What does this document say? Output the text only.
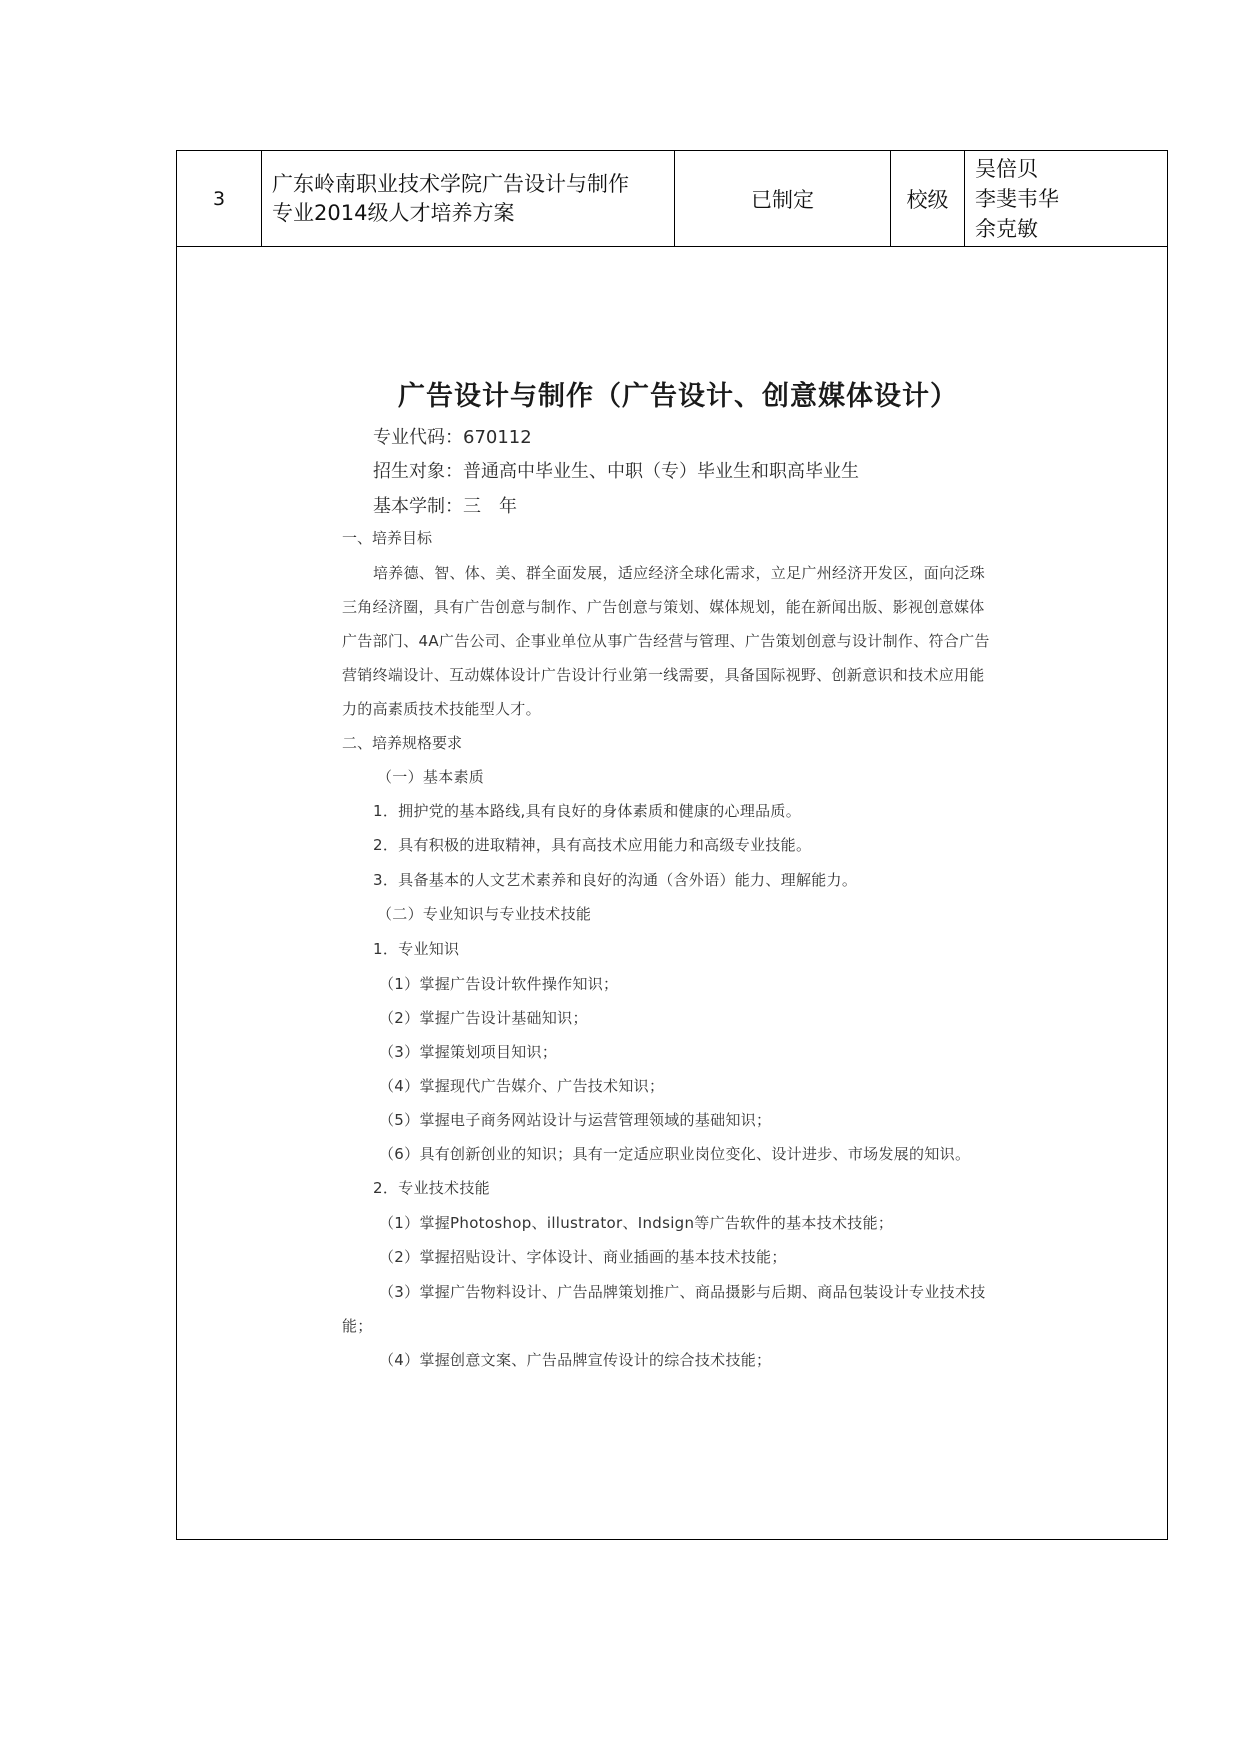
3
广东岭南职业技术学院广告设计与制作
专业2014级人才培养方案
已制定	校级
吴倍贝
李斐韦华
余克敏
广告设计与制作（广告设计、创意媒体设计）
专业代码：670112
招生对象：普通高中毕业生、中职（专）毕业生和职高毕业生
基本学制：三　年
一、培养目标
培养德、智、体、美、群全面发展，适应经济全球化需求，立足广州经济开发区，面向泛珠
三角经济圈，具有广告创意与制作、广告创意与策划、媒体规划，能在新闻出版、影视创意媒体
广告部门、4A广告公司、企事业单位从事广告经营与管理、广告策划创意与设计制作、符合广告
营销终端设计、互动媒体设计广告设计行业第一线需要，具备国际视野、创新意识和技术应用能
力的高素质技术技能型人才。
二、培养规格要求
（一）基本素质
1．拥护党的基本路线,具有良好的身体素质和健康的心理品质。
2．具有积极的进取精神，具有高技术应用能力和高级专业技能。
3．具备基本的人文艺术素养和良好的沟通（含外语）能力、理解能力。
（二）专业知识与专业技术技能
1．专业知识
（1）掌握广告设计软件操作知识；
（2）掌握广告设计基础知识；
（3）掌握策划项目知识；
（4）掌握现代广告媒介、广告技术知识；
（5）掌握电子商务网站设计与运营管理领域的基础知识；
（6）具有创新创业的知识；具有一定适应职业岗位变化、设计进步、市场发展的知识。
2．专业技术技能
（1）掌握Photoshop、illustrator、Indsign等广告软件的基本技术技能；
（2）掌握招贴设计、字体设计、商业插画的基本技术技能；
（3）掌握广告物料设计、广告品牌策划推广、商品摄影与后期、商品包装设计专业技术技
能；
（4）掌握创意文案、广告品牌宣传设计的综合技术技能；
